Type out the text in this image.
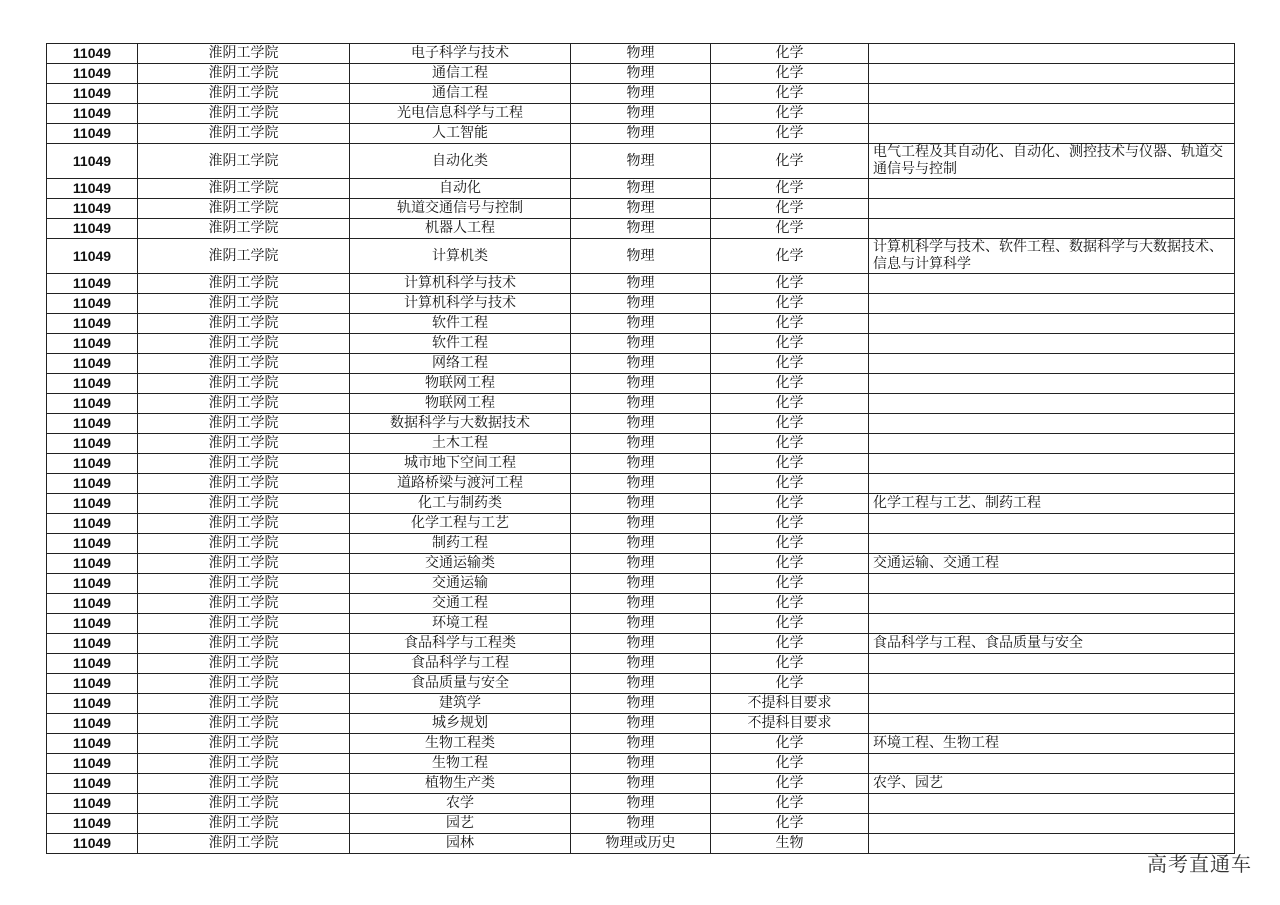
11049	淮阴工学院	电子科学与技术	物理	化学	
11049	淮阴工学院	通信工程	物理	化学	
11049	淮阴工学院	通信工程	物理	化学	
11049	淮阴工学院	光电信息科学与工程	物理	化学	
11049	淮阴工学院	人工智能	物理	化学	
11049	淮阴工学院	自动化类	物理	化学	电气工程及其自动化、自动化、测控技术与仪器、轨道交通信号与控制
11049	淮阴工学院	自动化	物理	化学	
11049	淮阴工学院	轨道交通信号与控制	物理	化学	
11049	淮阴工学院	机器人工程	物理	化学	
11049	淮阴工学院	计算机类	物理	化学	计算机科学与技术、软件工程、数据科学与大数据技术、信息与计算科学
11049	淮阴工学院	计算机科学与技术	物理	化学	
11049	淮阴工学院	计算机科学与技术	物理	化学	
11049	淮阴工学院	软件工程	物理	化学	
11049	淮阴工学院	软件工程	物理	化学	
11049	淮阴工学院	网络工程	物理	化学	
11049	淮阴工学院	物联网工程	物理	化学	
11049	淮阴工学院	物联网工程	物理	化学	
11049	淮阴工学院	数据科学与大数据技术	物理	化学	
11049	淮阴工学院	土木工程	物理	化学	
11049	淮阴工学院	城市地下空间工程	物理	化学	
11049	淮阴工学院	道路桥梁与渡河工程	物理	化学	
11049	淮阴工学院	化工与制药类	物理	化学	化学工程与工艺、制药工程
11049	淮阴工学院	化学工程与工艺	物理	化学	
11049	淮阴工学院	制药工程	物理	化学	
11049	淮阴工学院	交通运输类	物理	化学	交通运输、交通工程
11049	淮阴工学院	交通运输	物理	化学	
11049	淮阴工学院	交通工程	物理	化学	
11049	淮阴工学院	环境工程	物理	化学	
11049	淮阴工学院	食品科学与工程类	物理	化学	食品科学与工程、食品质量与安全
11049	淮阴工学院	食品科学与工程	物理	化学	
11049	淮阴工学院	食品质量与安全	物理	化学	
11049	淮阴工学院	建筑学	物理	不提科目要求	
11049	淮阴工学院	城乡规划	物理	不提科目要求	
11049	淮阴工学院	生物工程类	物理	化学	环境工程、生物工程
11049	淮阴工学院	生物工程	物理	化学	
11049	淮阴工学院	植物生产类	物理	化学	农学、园艺
11049	淮阴工学院	农学	物理	化学	
11049	淮阴工学院	园艺	物理	化学	
11049	淮阴工学院	园林	物理或历史	生物	
高考直通车
